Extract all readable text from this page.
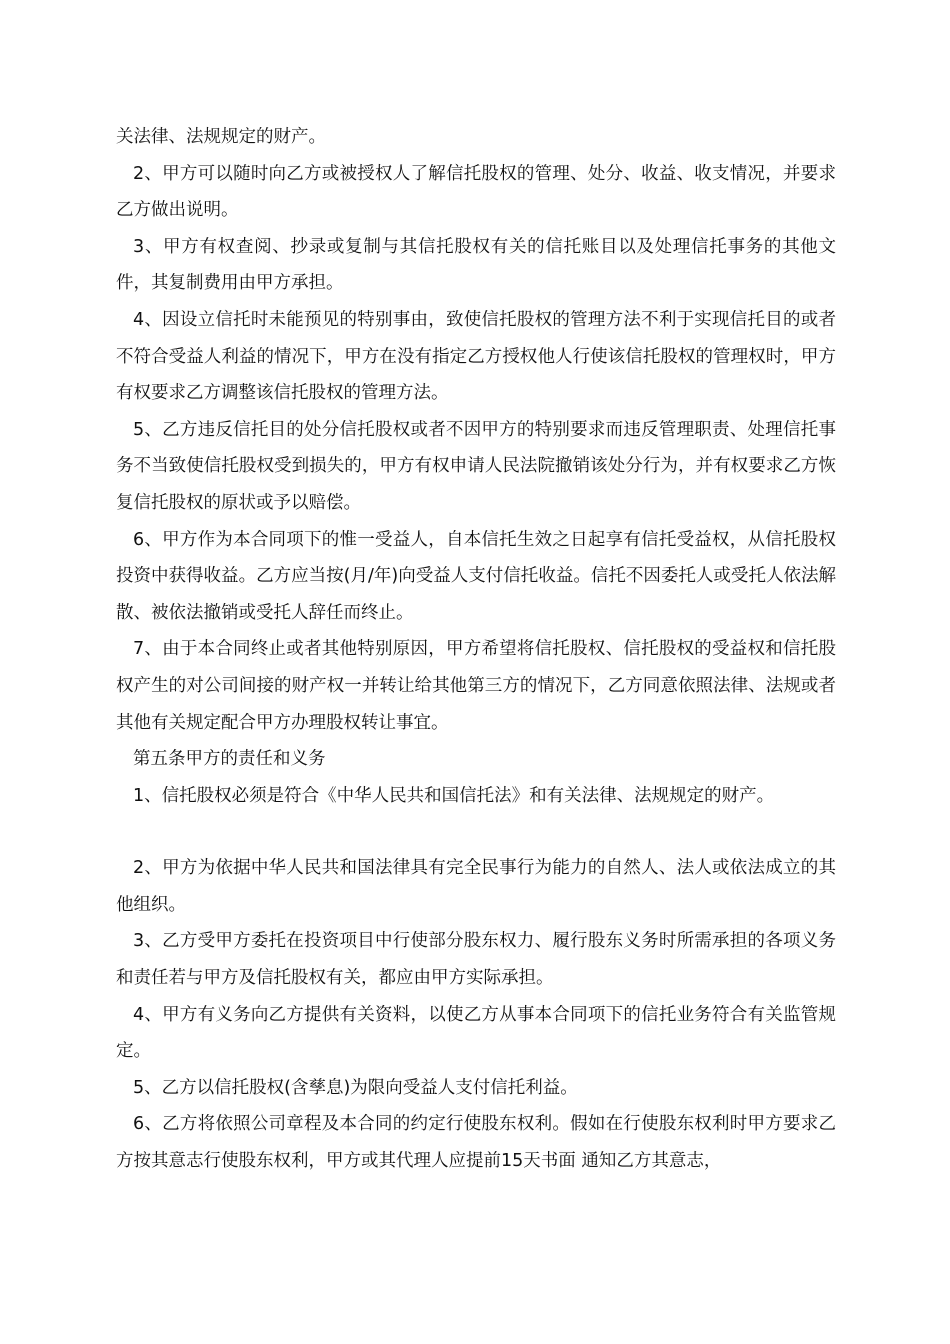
关法律、法规规定的财产。

2、甲方可以随时向乙方或被授权人了解信托股权的管理、处分、收益、收支情况，并要求乙方做出说明。

3、甲方有权查阅、抄录或复制与其信托股权有关的信托账目以及处理信托事务的其他文件，其复制费用由甲方承担。

4、因设立信托时未能预见的特别事由，致使信托股权的管理方法不利于实现信托目的或者不符合受益人利益的情况下，甲方在没有指定乙方授权他人行使该信托股权的管理权时，甲方有权要求乙方调整该信托股权的管理方法。

5、乙方违反信托目的处分信托股权或者不因甲方的特别要求而违反管理职责、处理信托事务不当致使信托股权受到损失的，甲方有权申请人民法院撤销该处分行为，并有权要求乙方恢复信托股权的原状或予以赔偿。

6、甲方作为本合同项下的惟一受益人，自本信托生效之日起享有信托受益权，从信托股权投资中获得收益。乙方应当按(月/年)向受益人支付信托收益。信托不因委托人或受托人依法解散、被依法撤销或受托人辞任而终止。

7、由于本合同终止或者其他特别原因，甲方希望将信托股权、信托股权的受益权和信托股权产生的对公司间接的财产权一并转让给其他第三方的情况下，乙方同意依照法律、法规或者其他有关规定配合甲方办理股权转让事宜。

第五条甲方的责任和义务

1、信托股权必须是符合《中华人民共和国信托法》和有关法律、法规规定的财产。

2、甲方为依据中华人民共和国法律具有完全民事行为能力的自然人、法人或依法成立的其他组织。

3、乙方受甲方委托在投资项目中行使部分股东权力、履行股东义务时所需承担的各项义务和责任若与甲方及信托股权有关，都应由甲方实际承担。

4、甲方有义务向乙方提供有关资料，以使乙方从事本合同项下的信托业务符合有关监管规定。

5、乙方以信托股权(含孳息)为限向受益人支付信托利益。

6、乙方将依照公司章程及本合同的约定行使股东权利。假如在行使股东权利时甲方要求乙方按其意志行使股东权利，甲方或其代理人应提前15天书面 通知乙方其意志，
